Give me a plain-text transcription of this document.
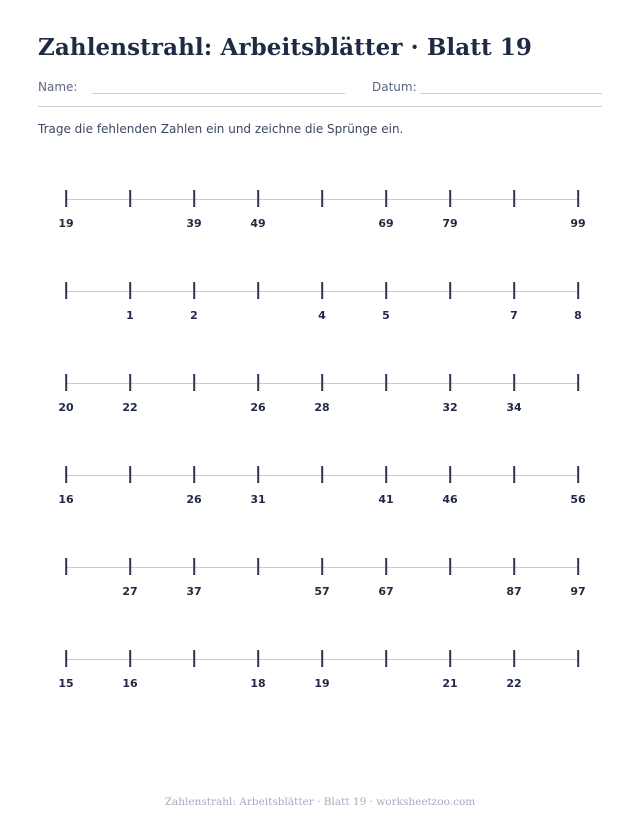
Zahlenstrahl: Arbeitsblätter · Blatt 19
Name:	Datum:
Trage die fehlenden Zahlen ein und zeichne die Sprünge ein.
19	39	49	69	79	99
1	2	4	5	7	8
20	22	26	28	32	34
16	26	31	41	46	56
27	37	57	67	87	97
15	16	18	19	21	22
Zahlenstrahl: Arbeitsblätter · Blatt 19 · worksheetzoo.com
